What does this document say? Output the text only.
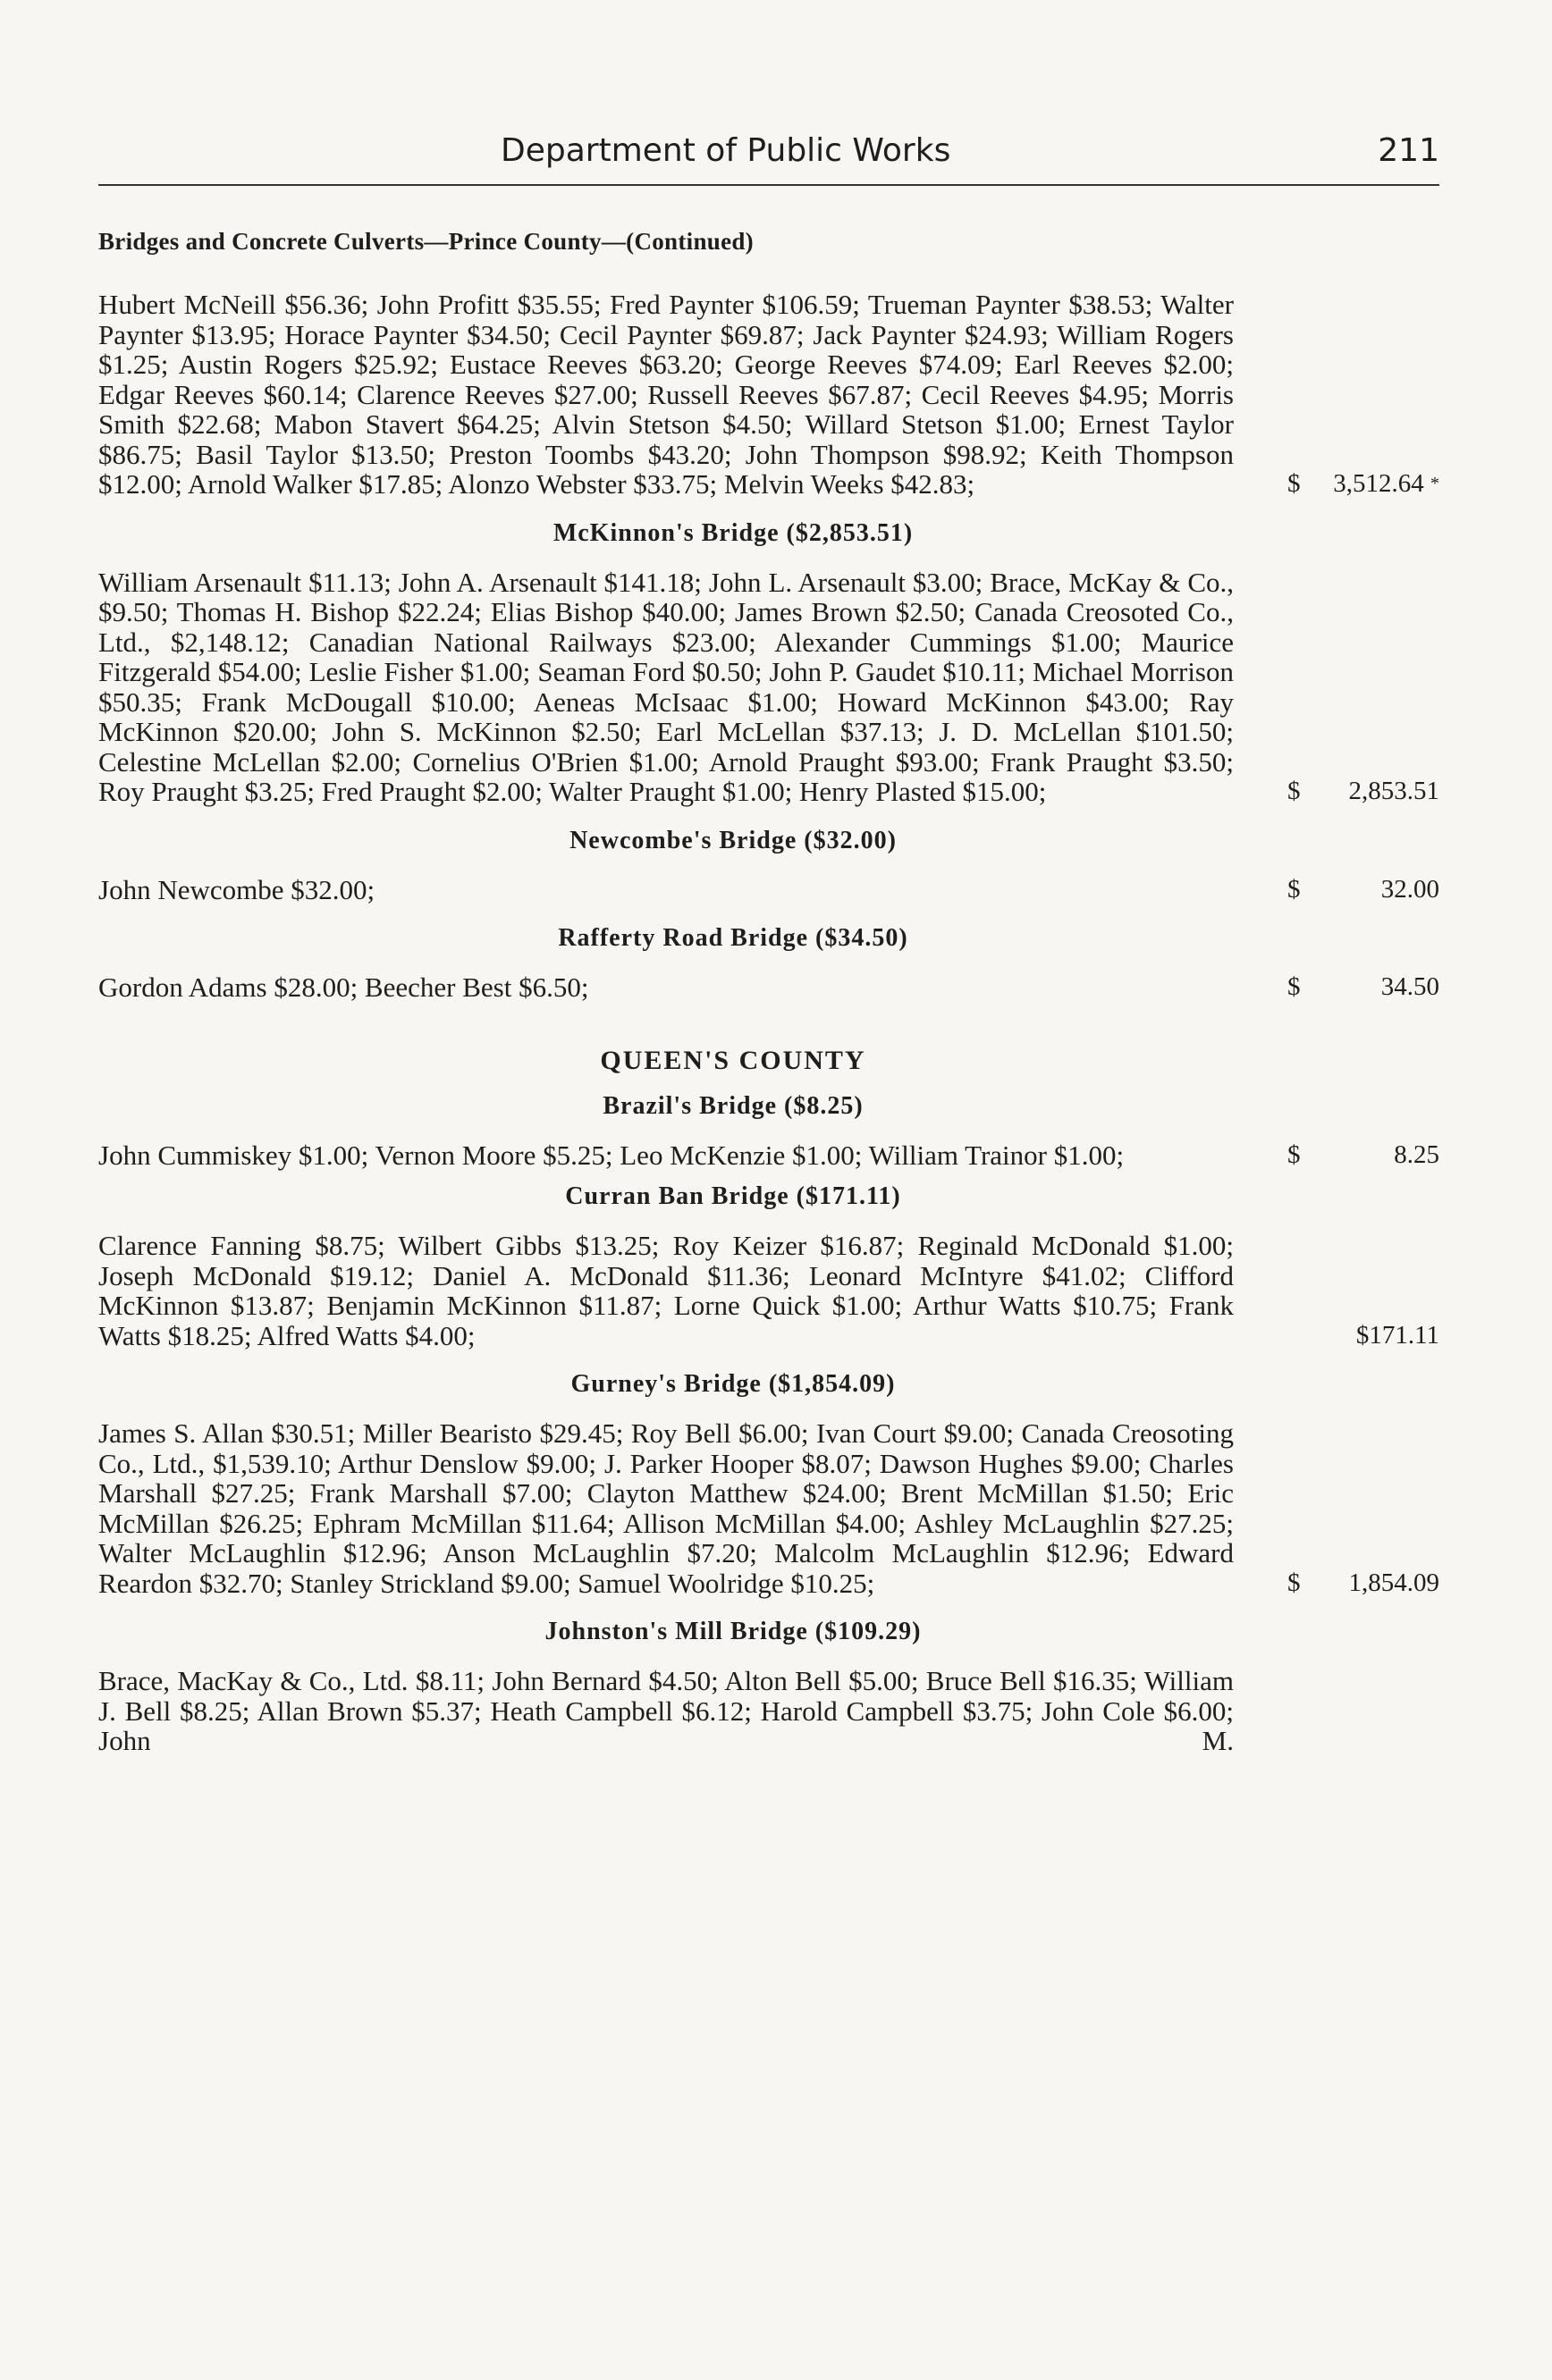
Department of Public Works	211
Bridges and Concrete Culverts—Prince County—(Continued)
Hubert McNeill $56.36; John Profitt $35.55; Fred Paynter $106.59; Trueman Paynter $38.53; Walter Paynter $13.95; Horace Paynter $34.50; Cecil Paynter $69.87; Jack Paynter $24.93; William Rogers $1.25; Austin Rogers $25.92; Eustace Reeves $63.20; George Reeves $74.09; Earl Reeves $2.00; Edgar Reeves $60.14; Clarence Reeves $27.00; Russell Reeves $67.87; Cecil Reeves $4.95; Morris Smith $22.68; Mabon Stavert $64.25; Alvin Stetson $4.50; Willard Stetson $1.00; Ernest Taylor $86.75; Basil Taylor $13.50; Preston Toombs $43.20; John Thompson $98.92; Keith Thompson $12.00; Arnold Walker $17.85; Alonzo Webster $33.75; Melvin Weeks $42.83;	$ 3,512.64 *
McKinnon's Bridge ($2,853.51)
William Arsenault $11.13; John A. Arsenault $141.18; John L. Arsenault $3.00; Brace, McKay & Co., $9.50; Thomas H. Bishop $22.24; Elias Bishop $40.00; James Brown $2.50; Canada Creosoted Co., Ltd., $2,148.12; Canadian National Railways $23.00; Alexander Cummings $1.00; Maurice Fitzgerald $54.00; Leslie Fisher $1.00; Seaman Ford $0.50; John P. Gaudet $10.11; Michael Morrison $50.35; Frank McDougall $10.00; Aeneas McIsaac $1.00; Howard McKinnon $43.00; Ray McKinnon $20.00; John S. McKinnon $2.50; Earl McLellan $37.13; J. D. McLellan $101.50; Celestine McLellan $2.00; Cornelius O'Brien $1.00; Arnold Praught $93.00; Frank Praught $3.50; Roy Praught $3.25; Fred Praught $2.00; Walter Praught $1.00; Henry Plasted $15.00;	$ 2,853.51
Newcombe's Bridge ($32.00)
John Newcombe $32.00;	$	32.00
Rafferty Road Bridge ($34.50)
Gordon Adams $28.00; Beecher Best $6.50;	$	34.50
QUEEN'S COUNTY
Brazil's Bridge ($8.25)
John Cummiskey $1.00; Vernon Moore $5.25; Leo McKenzie $1.00; William Trainor $1.00;	$	8.25
Curran Ban Bridge ($171.11)
Clarence Fanning $8.75; Wilbert Gibbs $13.25; Roy Keizer $16.87; Reginald McDonald $1.00; Joseph McDonald $19.12; Daniel A. McDonald $11.36; Leonard McIntyre $41.02; Clifford McKinnon $13.87; Benjamin McKinnon $11.87; Lorne Quick $1.00; Arthur Watts $10.75; Frank Watts $18.25; Alfred Watts $4.00;	$171.11
Gurney's Bridge ($1,854.09)
James S. Allan $30.51; Miller Bearisto $29.45; Roy Bell $6.00; Ivan Court $9.00; Canada Creosoting Co., Ltd., $1,539.10; Arthur Denslow $9.00; J. Parker Hooper $8.07; Dawson Hughes $9.00; Charles Marshall $27.25; Frank Marshall $7.00; Clayton Matthew $24.00; Brent McMillan $1.50; Eric McMillan $26.25; Ephram McMillan $11.64; Allison McMillan $4.00; Ashley McLaughlin $27.25; Walter McLaughlin $12.96; Anson McLaughlin $7.20; Malcolm McLaughlin $12.96; Edward Reardon $32.70; Stanley Strickland $9.00; Samuel Woolridge $10.25;	$ 1,854.09
Johnston's Mill Bridge ($109.29)
Brace, MacKay & Co., Ltd. $8.11; John Bernard $4.50; Alton Bell $5.00; Bruce Bell $16.35; William J. Bell $8.25; Allan Brown $5.37; Heath Campbell $6.12; Harold Campbell $3.75; John Cole $6.00; John M.
